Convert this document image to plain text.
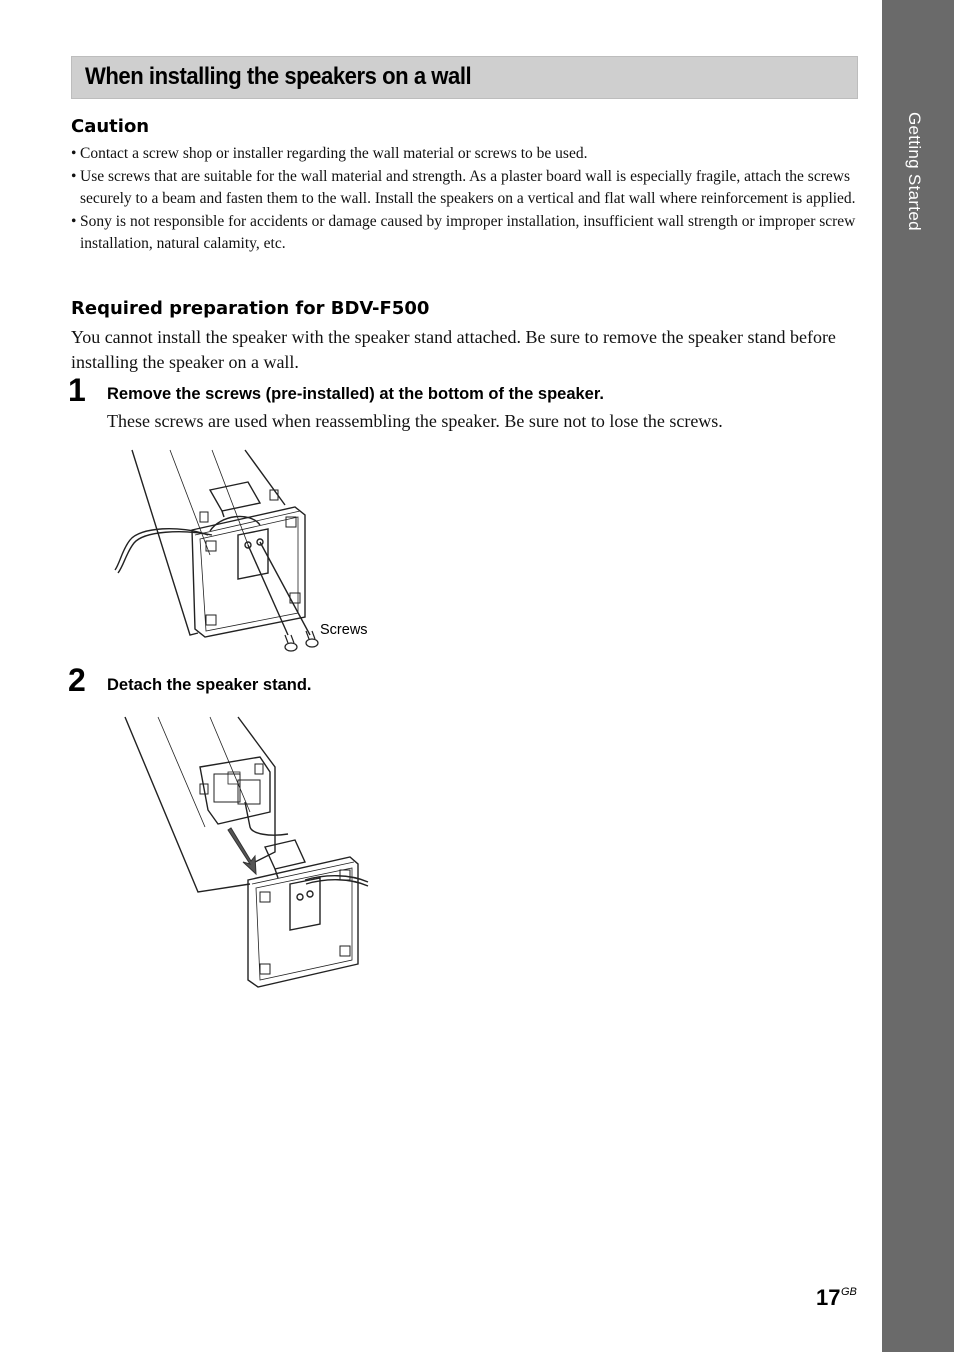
Getting Started
When installing the speakers on a wall
Caution
• Contact a screw shop or installer regarding the wall material or screws to be used.
• Use screws that are suitable for the wall material and strength. As a plaster board wall is especially fragile, attach the screws securely to a beam and fasten them to the wall. Install the speakers on a vertical and flat wall where reinforcement is applied.
• Sony is not responsible for accidents or damage caused by improper installation, insufficient wall strength or improper screw installation, natural calamity, etc.
Required preparation for BDV-F500

You cannot install the speaker with the speaker stand attached. Be sure to remove the speaker stand before installing the speaker on a wall.

1 Remove the screws (pre-installed) at the bottom of the speaker.
These screws are used when reassembling the speaker. Be sure not to lose the screws.
Screws
2 Detach the speaker stand.
17 GB
